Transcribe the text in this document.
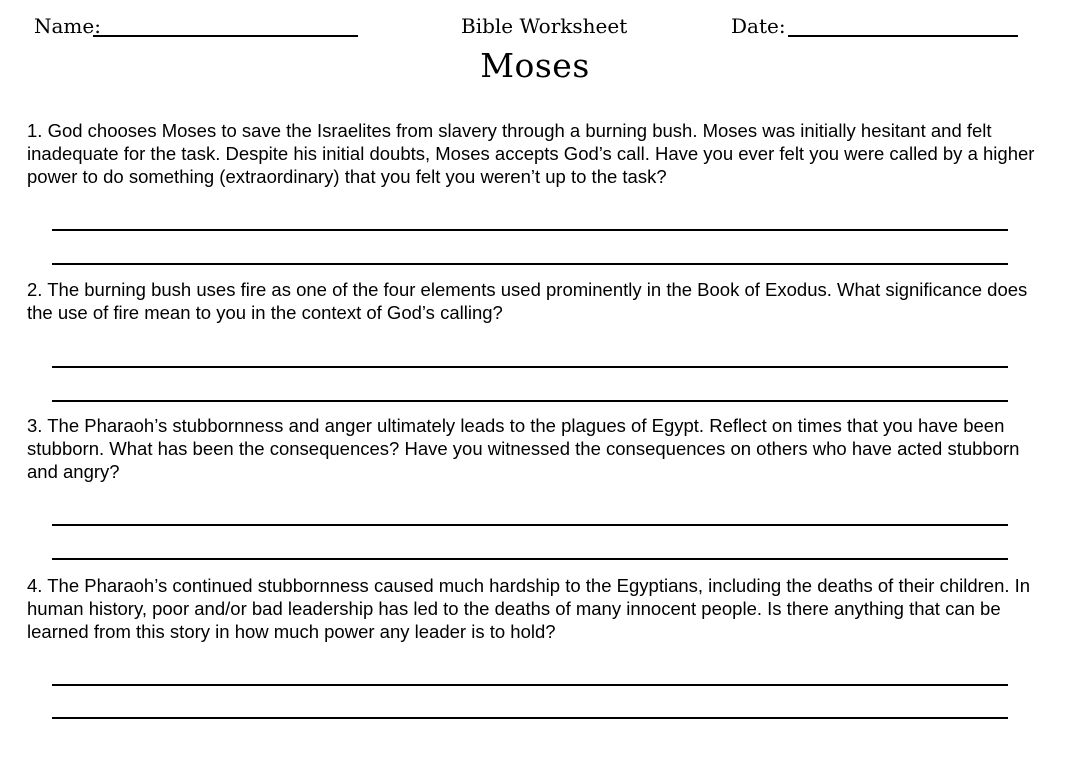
Name:	Bible Worksheet	Date:
Moses
1. God chooses Moses to save the Israelites from slavery through a burning bush. Moses was initially hesitant and felt inadequate for the task. Despite his initial doubts, Moses accepts God’s call. Have you ever felt you were called by a higher power to do something (extraordinary) that you felt you weren’t up to the task?
2. The burning bush uses fire as one of the four elements used prominently in the Book of Exodus. What significance does the use of fire mean to you in the context of God’s calling?
3. The Pharaoh’s stubbornness and anger ultimately leads to the plagues of Egypt. Reflect on times that you have been stubborn. What has been the consequences? Have you witnessed the consequences on others who have acted stubborn and angry?
4. The Pharaoh’s continued stubbornness caused much hardship to the Egyptians, including the deaths of their children. In human history, poor and/or bad leadership has led to the deaths of many innocent people. Is there anything that can be learned from this story in how much power any leader is to hold?
